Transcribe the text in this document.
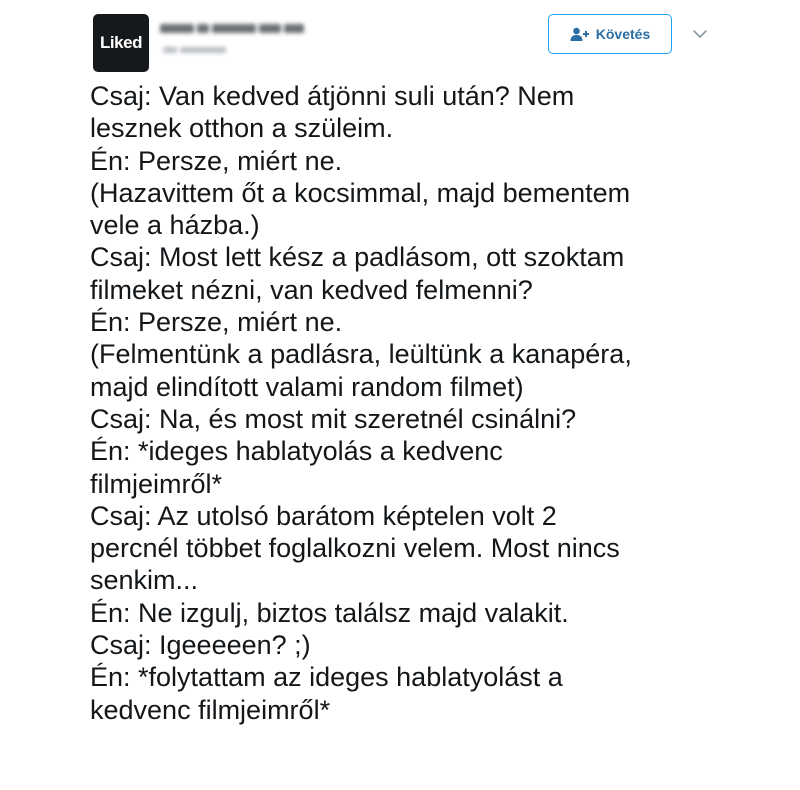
Liked	Követés
Csaj: Van kedved átjönni suli után? Nem
lesznek otthon a szüleim.
Én: Persze, miért ne.
(Hazavittem őt a kocsimmal, majd bementem
vele a házba.)
Csaj: Most lett kész a padlásom, ott szoktam
filmeket nézni, van kedved felmenni?
Én: Persze, miért ne.
(Felmentünk a padlásra, leültünk a kanapéra,
majd elindított valami random filmet)
Csaj: Na, és most mit szeretnél csinálni?
Én: *ideges hablatyolás a kedvenc
filmjeimről*
Csaj: Az utolsó barátom képtelen volt 2
percnél többet foglalkozni velem. Most nincs
senkim...
Én: Ne izgulj, biztos találsz majd valakit.
Csaj: Igeeeeen? ;)
Én: *folytattam az ideges hablatyolást a
kedvenc filmjeimről*
